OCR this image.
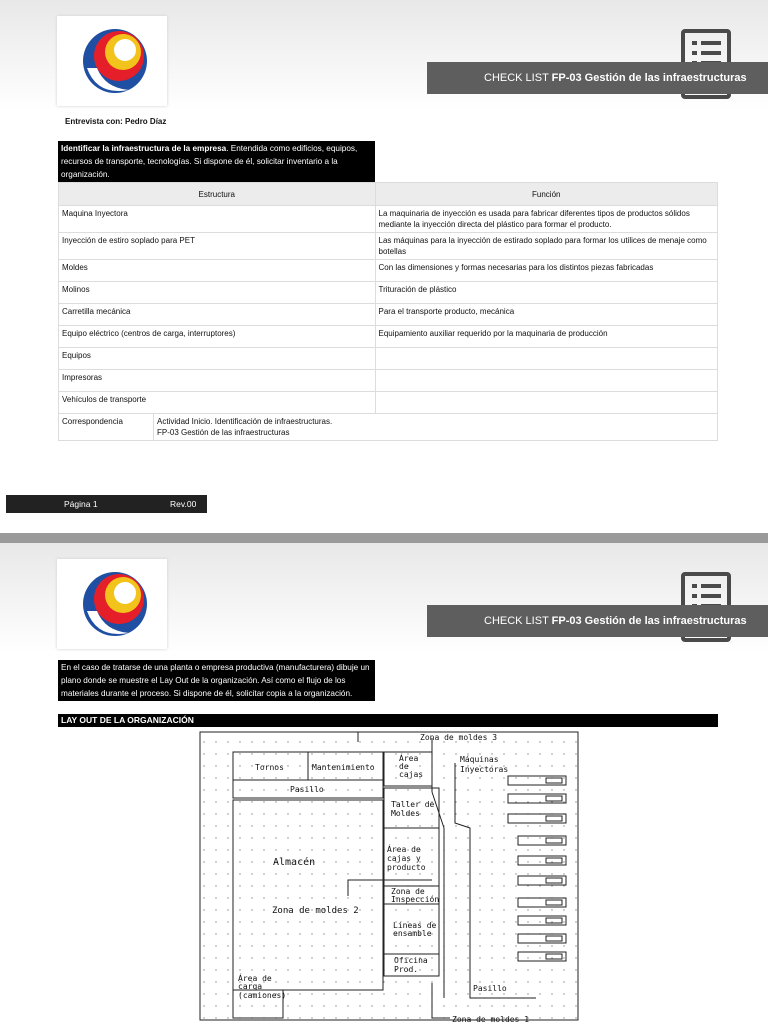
CHECK LIST FP-03 Gestión de las infraestructuras
Entrevista con: Pedro Díaz
Identificar la infraestructura de la empresa. Entendida como edificios, equipos, recursos de transporte, tecnologías. Si dispone de él, solicitar inventario a la organización.
Estructura	Función
Maquina Inyectora	La maquinaria de inyección es usada para fabricar diferentes tipos de productos sólidos mediante la inyección directa del plástico para formar el producto.
Inyección de estiro soplado para PET	Las máquinas para la inyección de estirado soplado para formar los utilices de menaje como botellas
Moldes	Con las dimensiones y formas necesarias para los distintos piezas fabricadas
Molinos	Trituración de plástico
Carretilla mecánica	Para el transporte producto, mecánica
Equipo eléctrico (centros de carga, interruptores)	Equipamiento auxiliar requerido por la maquinaria de producción
Equipos	
Impresoras	
Vehículos de transporte	

Correspondencia Actividad Inicio. Identificación de infraestructuras.
FP-03 Gestión de las infraestructuras	
Página 1	Rev.00
CHECK LIST FP-03 Gestión de las infraestructuras
En el caso de tratarse de una planta o empresa productiva (manufacturera) dibuje un plano donde se muestre el Lay Out de la organización. Así como el flujo de los materiales durante el proceso. Si dispone de él, solicitar copia a la organización.
LAY OUT DE LA ORGANIZACIÓN
Zona de moldes 3
Tornos	Mantenimiento
Área
de
cajas
Máquinas
Inyectoras
Pasillo
Taller de
Moldes
Almacén
Área de
cajas y
producto
Zona de
Inspección
Zona de moldes 2
Líneas de
ensamble
Oficina
Prod.
Área de
carga
(camiones)
Pasillo
Zona de moldes 1
